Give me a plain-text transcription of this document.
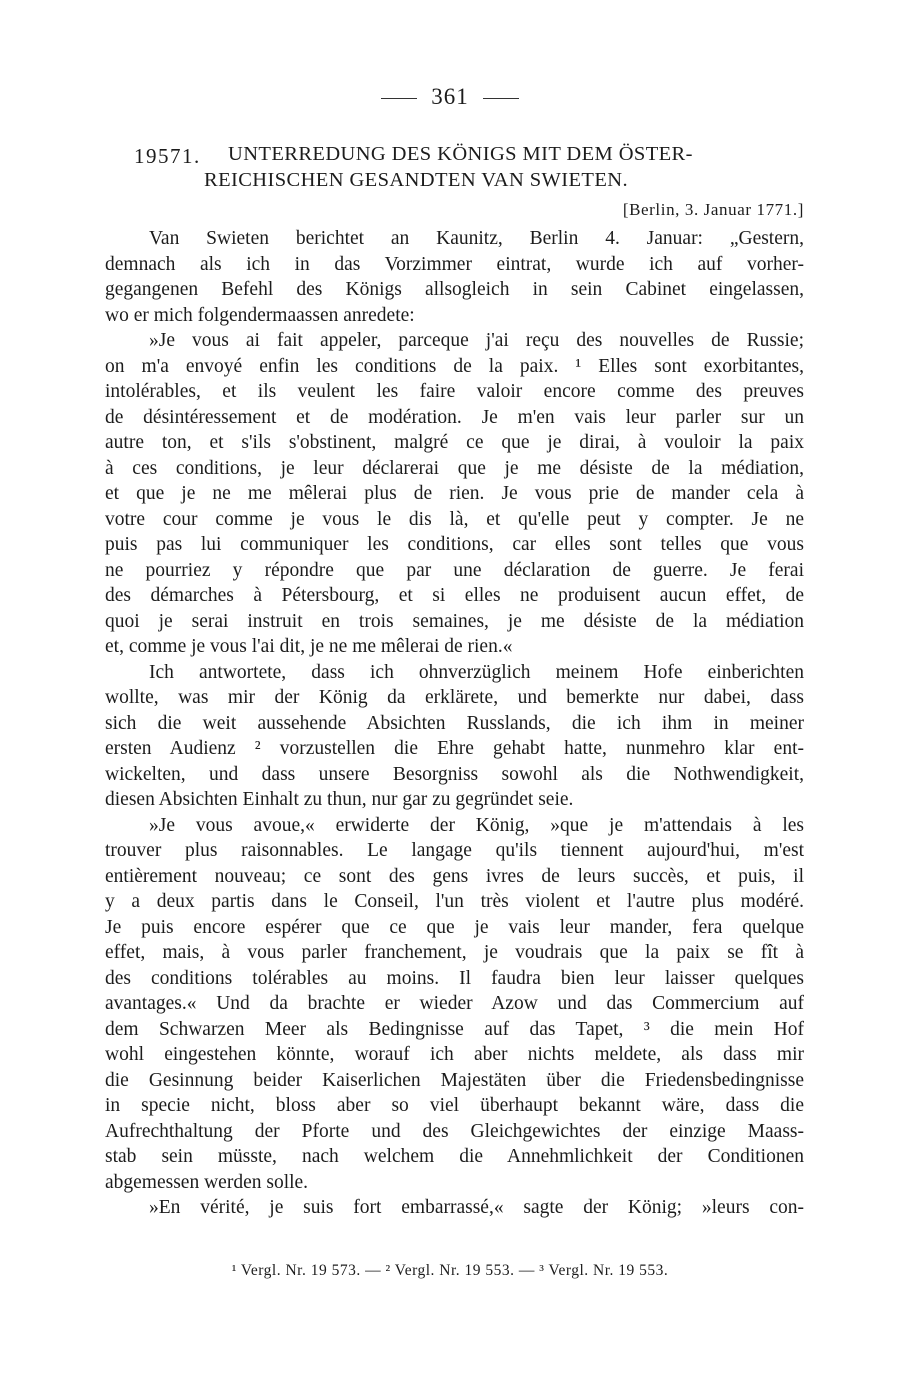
361
19571. UNTERREDUNG DES KÖNIGS MIT DEM ÖSTER-
REICHISCHEN GESANDTEN VAN SWIETEN.
[Berlin, 3. Januar 1771.]
Van Swieten berichtet an Kaunitz, Berlin 4. Januar: „Gestern,
demnach als ich in das Vorzimmer eintrat, wurde ich auf vorher-
gegangenen Befehl des Königs allsogleich in sein Cabinet eingelassen,
wo er mich folgendermaassen anredete:
»Je vous ai fait appeler, parceque j'ai reçu des nouvelles de Russie;
on m'a envoyé enfin les conditions de la paix. ¹ Elles sont exorbitantes,
intolérables, et ils veulent les faire valoir encore comme des preuves
de désintéressement et de modération. Je m'en vais leur parler sur un
autre ton, et s'ils s'obstinent, malgré ce que je dirai, à vouloir la paix
à ces conditions, je leur déclarerai que je me désiste de la médiation,
et que je ne me mêlerai plus de rien. Je vous prie de mander cela à
votre cour comme je vous le dis là, et qu'elle peut y compter. Je ne
puis pas lui communiquer les conditions, car elles sont telles que vous
ne pourriez y répondre que par une déclaration de guerre. Je ferai
des démarches à Pétersbourg, et si elles ne produisent aucun effet, de
quoi je serai instruit en trois semaines, je me désiste de la médiation
et, comme je vous l'ai dit, je ne me mêlerai de rien.«
Ich antwortete, dass ich ohnverzüglich meinem Hofe einberichten
wollte, was mir der König da erklärete, und bemerkte nur dabei, dass
sich die weit aussehende Absichten Russlands, die ich ihm in meiner
ersten Audienz ² vorzustellen die Ehre gehabt hatte, nunmehro klar ent-
wickelten, und dass unsere Besorgniss sowohl als die Nothwendigkeit,
diesen Absichten Einhalt zu thun, nur gar zu gegründet seie.
»Je vous avoue,« erwiderte der König, »que je m'attendais à les
trouver plus raisonnables. Le langage qu'ils tiennent aujourd'hui, m'est
entièrement nouveau; ce sont des gens ivres de leurs succès, et puis, il
y a deux partis dans le Conseil, l'un très violent et l'autre plus modéré.
Je puis encore espérer que ce que je vais leur mander, fera quelque
effet, mais, à vous parler franchement, je voudrais que la paix se fît à
des conditions tolérables au moins. Il faudra bien leur laisser quelques
avantages.« Und da brachte er wieder Azow und das Commercium auf
dem Schwarzen Meer als Bedingnisse auf das Tapet, ³ die mein Hof
wohl eingestehen könnte, worauf ich aber nichts meldete, als dass mir
die Gesinnung beider Kaiserlichen Majestäten über die Friedensbedingnisse
in specie nicht, bloss aber so viel überhaupt bekannt wäre, dass die
Aufrechthaltung der Pforte und des Gleichgewichtes der einzige Maass-
stab sein müsste, nach welchem die Annehmlichkeit der Conditionen
abgemessen werden solle.
»En vérité, je suis fort embarrassé,« sagte der König; »leurs con-
¹ Vergl. Nr. 19 573. — ² Vergl. Nr. 19 553. — ³ Vergl. Nr. 19 553.
